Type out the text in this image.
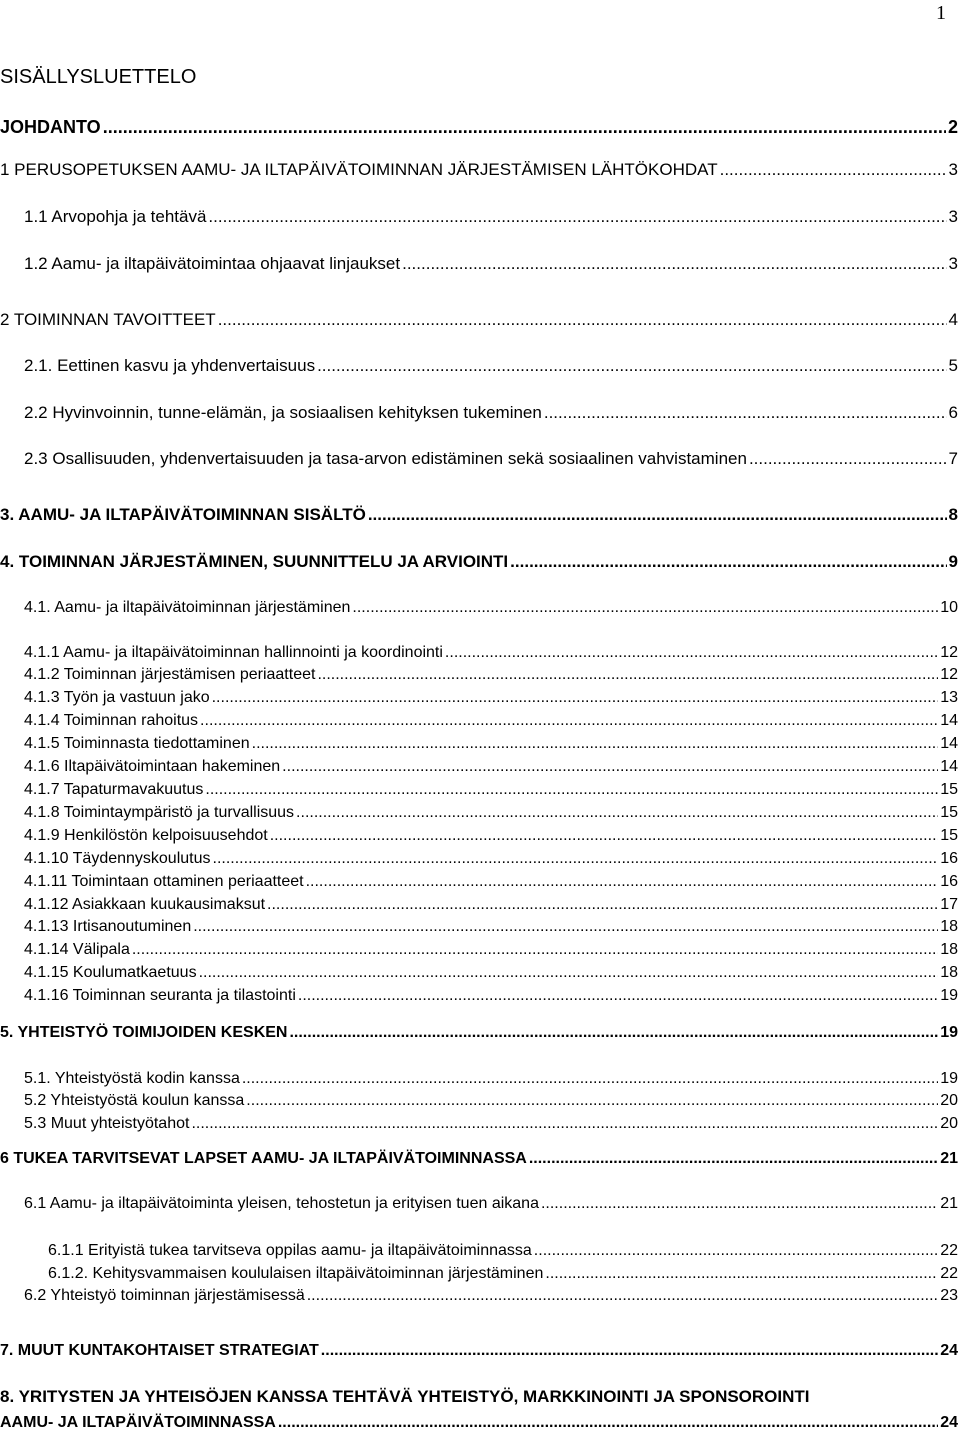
1
SISÄLLYSLUETTELO
JOHDANTO .....	2
1 PERUSOPETUKSEN AAMU- JA ILTAPÄIVÄTOIMINNAN JÄRJESTÄMISEN LÄHTÖKOHDAT .....	3
1.1 Arvopohja ja tehtävä .....	3
1.2 Aamu- ja iltapäivätoimintaa ohjaavat linjaukset .....	3
2 TOIMINNAN TAVOITTEET .....	4
2.1. Eettinen kasvu ja yhdenvertaisuus .....	5
2.2 Hyvinvoinnin, tunne-elämän, ja sosiaalisen kehityksen tukeminen .....	6
2.3 Osallisuuden, yhdenvertaisuuden ja tasa-arvon edistäminen sekä sosiaalinen vahvistaminen .....	7
3. AAMU- JA ILTAPÄIVÄTOIMINNAN SISÄLTÖ .....	8
4. TOIMINNAN JÄRJESTÄMINEN, SUUNNITTELU JA ARVIOINTI .....	9
4.1. Aamu- ja iltapäivätoiminnan järjestäminen .....	10
4.1.1 Aamu- ja iltapäivätoiminnan hallinnointi ja koordinointi .....	12
4.1.2 Toiminnan järjestämisen periaatteet .....	12
4.1.3 Työn ja vastuun jako .....	13
4.1.4 Toiminnan rahoitus .....	14
4.1.5 Toiminnasta tiedottaminen .....	14
4.1.6 Iltapäivätoimintaan hakeminen .....	14
4.1.7 Tapaturmavakuutus .....	15
4.1.8 Toimintaympäristö ja turvallisuus .....	15
4.1.9 Henkilöstön kelpoisuusehdot .....	15
4.1.10 Täydennyskoulutus .....	16
4.1.11 Toimintaan ottaminen periaatteet .....	16
4.1.12 Asiakkaan kuukausimaksut .....	17
4.1.13 Irtisanoutuminen .....	18
4.1.14 Välipala .....	18
4.1.15 Koulumatkaetuus .....	18
4.1.16 Toiminnan seuranta ja tilastointi .....	19
5. YHTEISTYÖ TOIMIJOIDEN KESKEN .....	19
5.1. Yhteistyöstä kodin kanssa .....	19
5.2 Yhteistyöstä koulun kanssa .....	20
5.3 Muut yhteistyötahot .....	20
6 TUKEA TARVITSEVAT LAPSET AAMU- JA ILTAPÄIVÄTOIMINNASSA .....	21
6.1 Aamu- ja iltapäivätoiminta yleisen, tehostetun ja erityisen tuen aikana .....	21
6.1.1 Erityistä tukea tarvitseva oppilas aamu- ja iltapäivätoiminnassa .....	22
6.1.2. Kehitysvammaisen koululaisen iltapäivätoiminnan järjestäminen .....	22
6.2 Yhteistyö toiminnan järjestämisessä .....	23
7. MUUT KUNTAKOHTAISET STRATEGIAT .....	24
8. YRITYSTEN JA YHTEISÖJEN KANSSA TEHTÄVÄ YHTEISTYÖ, MARKKINOINTI JA SPONSOROINTI
AAMU- JA ILTAPÄIVÄTOIMINNASSA .....	24
